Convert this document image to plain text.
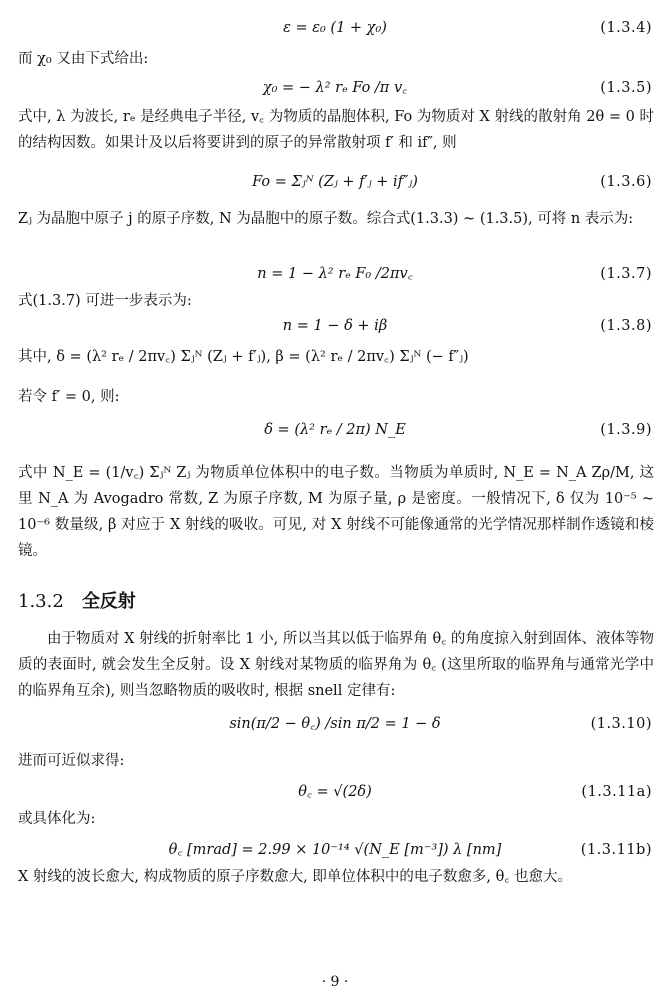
ε = ε₀ (1 + χ₀)	(1.3.4)
而 χ₀ 又由下式给出:
χ₀ = − λ² rₑ Fo /π v꜀	(1.3.5)
式中, λ 为波长, rₑ 是经典电子半径, v꜀ 为物质的晶胞体积, Fo 为物质对 X 射线的散射角 2θ = 0 时的结构因数。如果计及以后将要讲到的原子的异常散射项 f′ 和 if″, 则
Fo = Σⱼᴺ (Zⱼ + f′ⱼ + if″ⱼ)	(1.3.6)
Zⱼ 为晶胞中原子 j 的原子序数, N 为晶胞中的原子数。综合式(1.3.3) ~ (1.3.5), 可将 n 表示为:
n = 1 − λ² rₑ F₀ /2πv꜀	(1.3.7)
式(1.3.7) 可进一步表示为:
n = 1 − δ + iβ	(1.3.8)
其中, δ = (λ² rₑ / 2πv꜀) Σⱼᴺ (Zⱼ + f′ⱼ), β = (λ² rₑ / 2πv꜀) Σⱼᴺ (− f″ⱼ)
若令 f′ = 0, 则:
δ = (λ² rₑ / 2π) N_E	(1.3.9)
式中 N_E = (1/v꜀) Σⱼᴺ Zⱼ 为物质单位体积中的电子数。当物质为单质时, N_E = N_A Zρ/M, 这里 N_A 为 Avogadro 常数, Z 为原子序数, M 为原子量, ρ 是密度。一般情况下, δ 仅为 10⁻⁵ ~ 10⁻⁶ 数量级, β 对应于 X 射线的吸收。可见, 对 X 射线不可能像通常的光学情况那样制作透镜和棱镜。
1.3.2 全反射
由于物质对 X 射线的折射率比 1 小, 所以当其以低于临界角 θ꜀ 的角度掠入射到固体、液体等物质的表面时, 就会发生全反射。设 X 射线对某物质的临界角为 θ꜀ (这里所取的临界角与通常光学中的临界角互余), 则当忽略物质的吸收时, 根据 snell 定律有:
sin(π/2 − θ꜀) /sin π/2 = 1 − δ	(1.3.10)
进而可近似求得:
θ꜀ = √(2δ)	(1.3.11a)
或具体化为:
θ꜀ [mrad] = 2.99 × 10⁻¹⁴ √(N_E [m⁻³]) λ [nm]	(1.3.11b)
X 射线的波长愈大, 构成物质的原子序数愈大, 即单位体积中的电子数愈多, θ꜀ 也愈大。
· 9 ·
